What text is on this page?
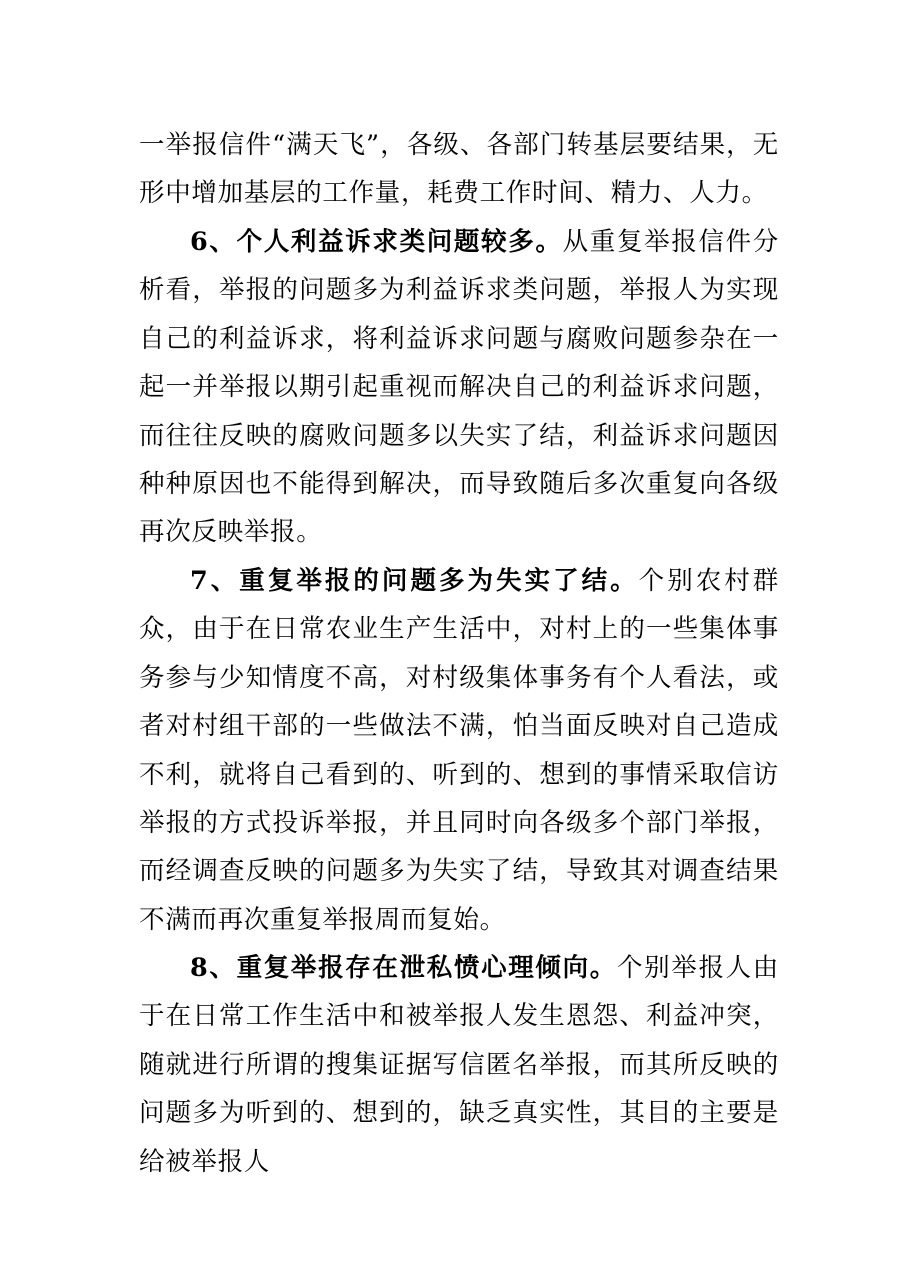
一举报信件“满天飞”，各级、各部门转基层要结果，无形中增加基层的工作量，耗费工作时间、精力、人力。

6、个人利益诉求类问题较多。从重复举报信件分析看，举报的问题多为利益诉求类问题，举报人为实现自己的利益诉求，将利益诉求问题与腐败问题参杂在一起一并举报以期引起重视而解决自己的利益诉求问题，而往往反映的腐败问题多以失实了结，利益诉求问题因种种原因也不能得到解决，而导致随后多次重复向各级再次反映举报。

7、重复举报的问题多为失实了结。个别农村群众，由于在日常农业生产生活中，对村上的一些集体事务参与少知情度不高，对村级集体事务有个人看法，或者对村组干部的一些做法不满，怕当面反映对自己造成不利，就将自己看到的、听到的、想到的事情采取信访举报的方式投诉举报，并且同时向各级多个部门举报，而经调查反映的问题多为失实了结，导致其对调查结果不满而再次重复举报周而复始。

8、重复举报存在泄私愤心理倾向。个别举报人由于在日常工作生活中和被举报人发生恩怨、利益冲突，随就进行所谓的搜集证据写信匿名举报，而其所反映的问题多为听到的、想到的，缺乏真实性，其目的主要是给被举报人
